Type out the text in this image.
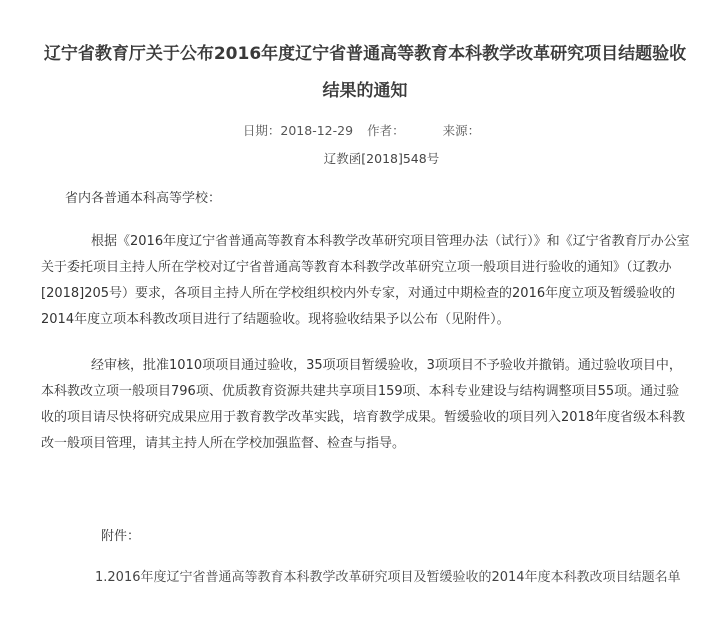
辽宁省教育厅关于公布2016年度辽宁省普通高等教育本科教学改革研究项目结题验收结果的通知
日期：2018-12-29 作者：	来源：
辽教函[2018]548号
省内各普通本科高等学校：
根据《2016年度辽宁省普通高等教育本科教学改革研究项目管理办法（试行）》和《辽宁省教育厅办公室关于委托项目主持人所在学校对辽宁省普通高等教育本科教学改革研究立项一般项目进行验收的通知》（辽教办[2018]205号）要求，各项目主持人所在学校组织校内外专家，对通过中期检查的2016年度立项及暂缓验收的2014年度立项本科教改项目进行了结题验收。现将验收结果予以公布（见附件）。
经审核，批准1010项项目通过验收，35项项目暂缓验收，3项项目不予验收并撤销。通过验收项目中，本科教改立项一般项目796项、优质教育资源共建共享项目159项、本科专业建设与结构调整项目55项。通过验收的项目请尽快将研究成果应用于教育教学改革实践，培育教学成果。暂缓验收的项目列入2018年度省级本科教改一般项目管理，请其主持人所在学校加强监督、检查与指导。
附件：
1.2016年度辽宁省普通高等教育本科教学改革研究项目及暂缓验收的2014年度本科教改项目结题名单
